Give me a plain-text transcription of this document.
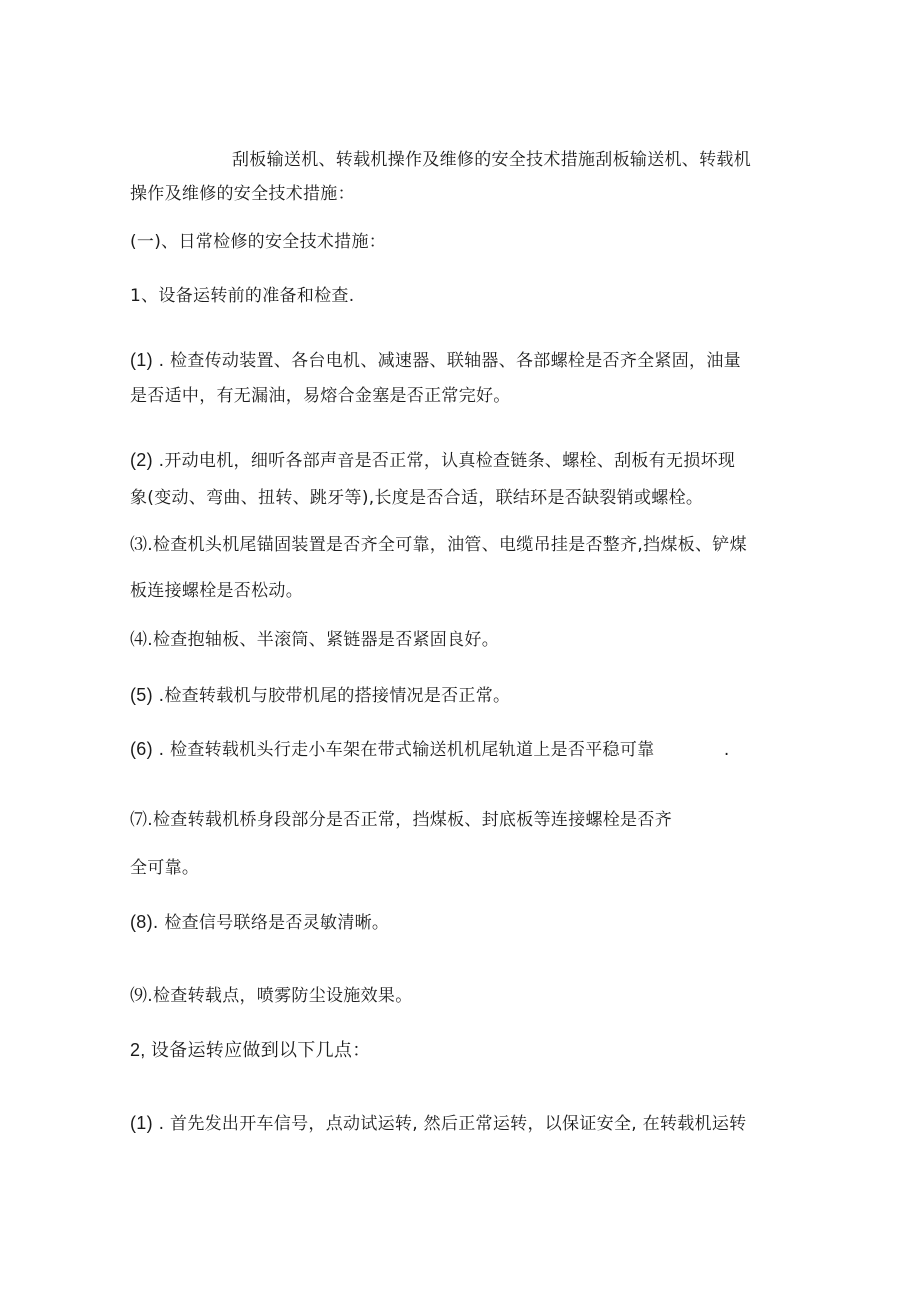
刮板输送机、转载机操作及维修的安全技术措施刮板输送机、转载机
操作及维修的安全技术措施：
(一)、日常检修的安全技术措施：
1、设备运转前的准备和检查.
(1) . 检查传动装置、各台电机、减速器、联轴器、各部螺栓是否齐全紧固，油量
是否适中，有无漏油，易熔合金塞是否正常完好。
(2) .开动电机，细听各部声音是否正常，认真检查链条、螺栓、刮板有无损坏现
象(变动、弯曲、扭转、跳牙等),长度是否合适，联结环是否缺裂销或螺栓。
⑶.检查机头机尾锚固装置是否齐全可靠，油管、电缆吊挂是否整齐,挡煤板、铲煤
板连接螺栓是否松动。
⑷.检查抱轴板、半滚筒、紧链器是否紧固良好。
(5) .检查转载机与胶带机尾的搭接情况是否正常。
(6) . 检查转载机头行走小车架在带式输送机机尾轨道上是否平稳可靠	.
⑺.检查转载机桥身段部分是否正常，挡煤板、封底板等连接螺栓是否齐
全可靠。
(8). 检查信号联络是否灵敏清晰。
⑼.检查转载点，喷雾防尘设施效果。
2, 设备运转应做到以下几点：
(1) . 首先发出开车信号，点动试运转, 然后正常运转，以保证安全, 在转载机运转
